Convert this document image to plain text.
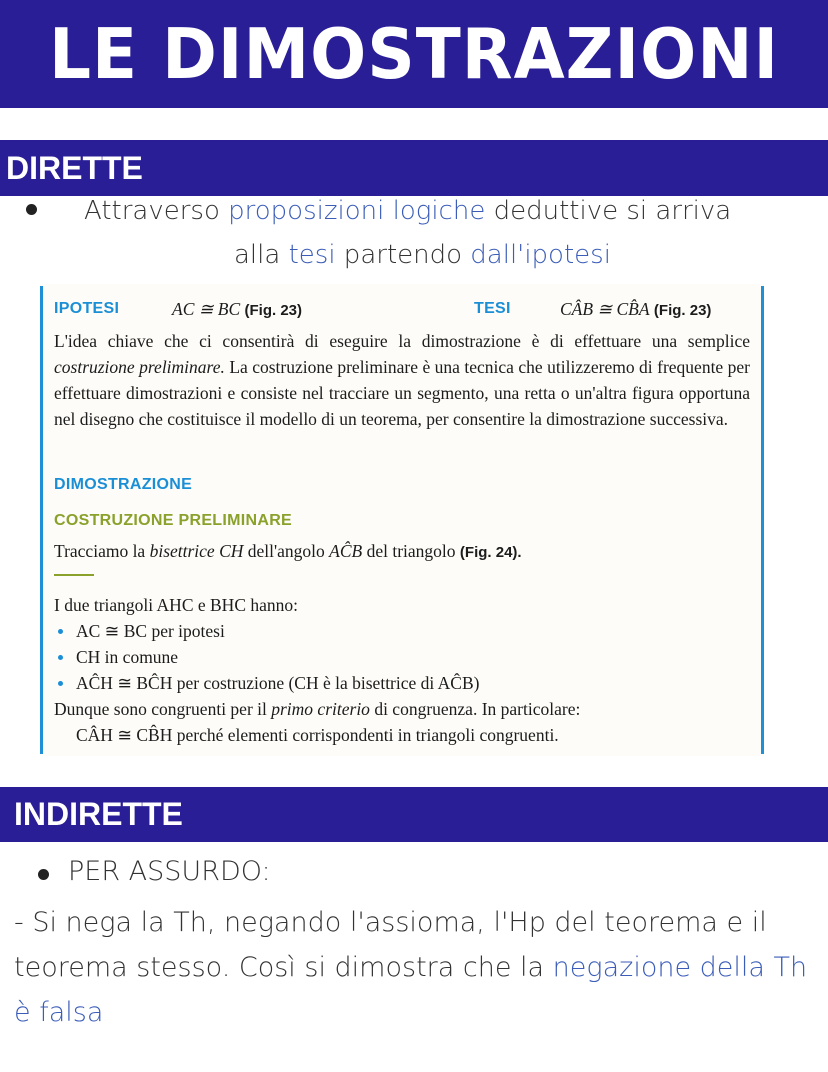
LE DIMOSTRAZIONI
DIRETTE
Attraverso proposizioni logiche deduttive si arriva
alla tesi partendo dall'ipotesi
IPOTESI	AC ≅ BC (Fig. 23)	TESI	CÂB ≅ CB̂A (Fig. 23)
L'idea chiave che ci consentirà di eseguire la dimostrazione è di effettuare una semplice costruzione preliminare. La costruzione preliminare è una tecnica che utilizzeremo di frequente per effettuare dimostrazioni e consiste nel tracciare un segmento, una retta o un'altra figura opportuna nel disegno che costituisce il modello di un teorema, per consentire la dimostrazione successiva.
DIMOSTRAZIONE
COSTRUZIONE PRELIMINARE
Tracciamo la bisettrice CH dell'angolo AĈB del triangolo (Fig. 24).
I due triangoli AHC e BHC hanno:
AC ≅ BC per ipotesi
CH in comune
AĈH ≅ BĈH per costruzione (CH è la bisettrice di AĈB)
Dunque sono congruenti per il primo criterio di congruenza. In particolare:
CÂH ≅ CB̂H perché elementi corrispondenti in triangoli congruenti.
INDIRETTE
PER ASSURDO:
- Si nega la Th, negando l'assioma, l'Hp del teorema e il teorema stesso. Così si dimostra che la negazione della Th è falsa
